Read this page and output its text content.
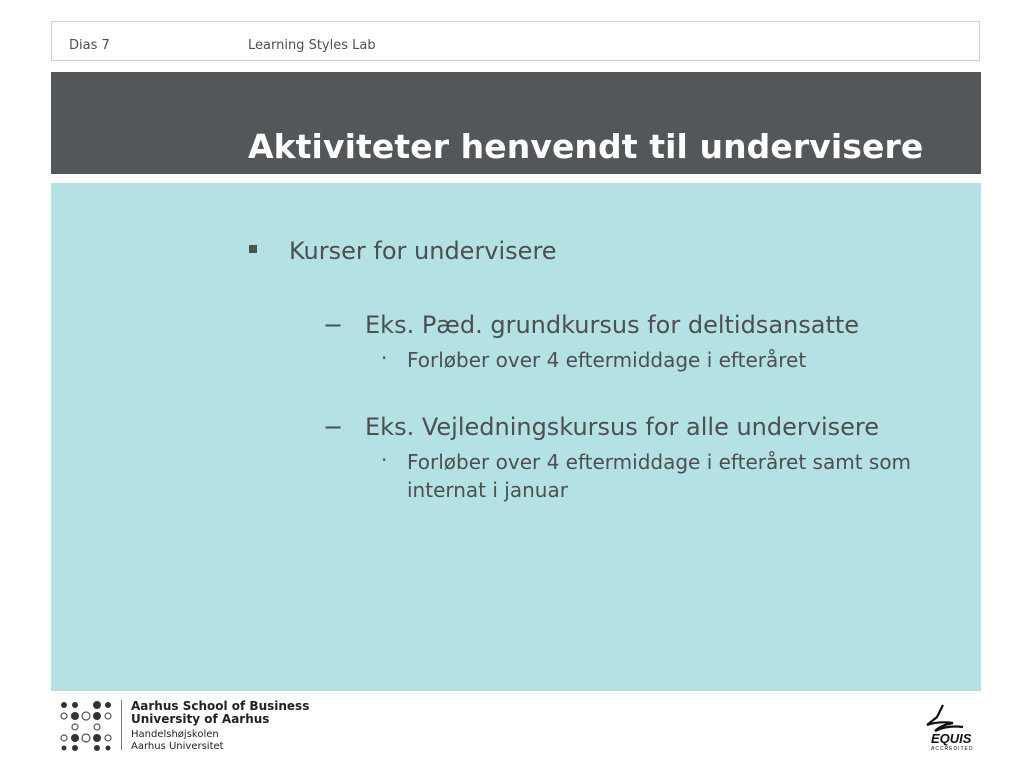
Dias 7	Learning Styles Lab
Aktiviteter henvendt til undervisere
Kurser for undervisere
− Eks. Pæd. grundkursus for deltidsansatte
· Forløber over 4 eftermiddage i efteråret
− Eks. Vejledningskursus for alle undervisere
· Forløber over 4 eftermiddage i efteråret samt som internat i januar
Aarhus School of Business
University of Aarhus
Handelshøjskolen
Aarhus Universitet
EQUIS
ACCREDITED
